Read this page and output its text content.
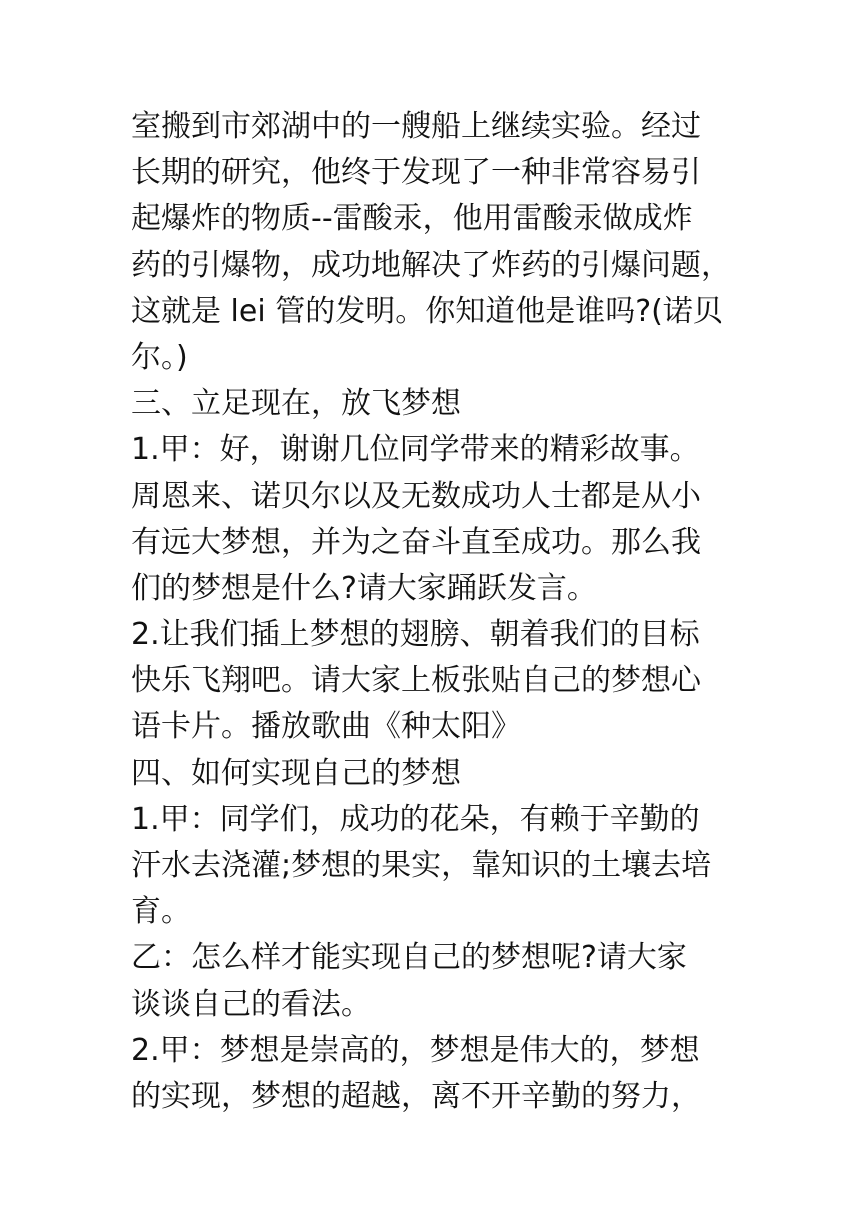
室搬到市郊湖中的一艘船上继续实验。经过
长期的研究，他终于发现了一种非常容易引
起爆炸的物质--雷酸汞，他用雷酸汞做成炸
药的引爆物，成功地解决了炸药的引爆问题，
这就是 lei 管的发明。你知道他是谁吗?(诺贝
尔。)
三、立足现在，放飞梦想
1.甲：好，谢谢几位同学带来的精彩故事。
周恩来、诺贝尔以及无数成功人士都是从小
有远大梦想，并为之奋斗直至成功。那么我
们的梦想是什么?请大家踊跃发言。
2.让我们插上梦想的翅膀、朝着我们的目标
快乐飞翔吧。请大家上板张贴自己的梦想心
语卡片。播放歌曲《种太阳》
四、如何实现自己的梦想
1.甲：同学们，成功的花朵，有赖于辛勤的
汗水去浇灌;梦想的果实，靠知识的土壤去培
育。
乙：怎么样才能实现自己的梦想呢?请大家
谈谈自己的看法。
2.甲：梦想是崇高的，梦想是伟大的，梦想
的实现，梦想的超越，离不开辛勤的努力，
